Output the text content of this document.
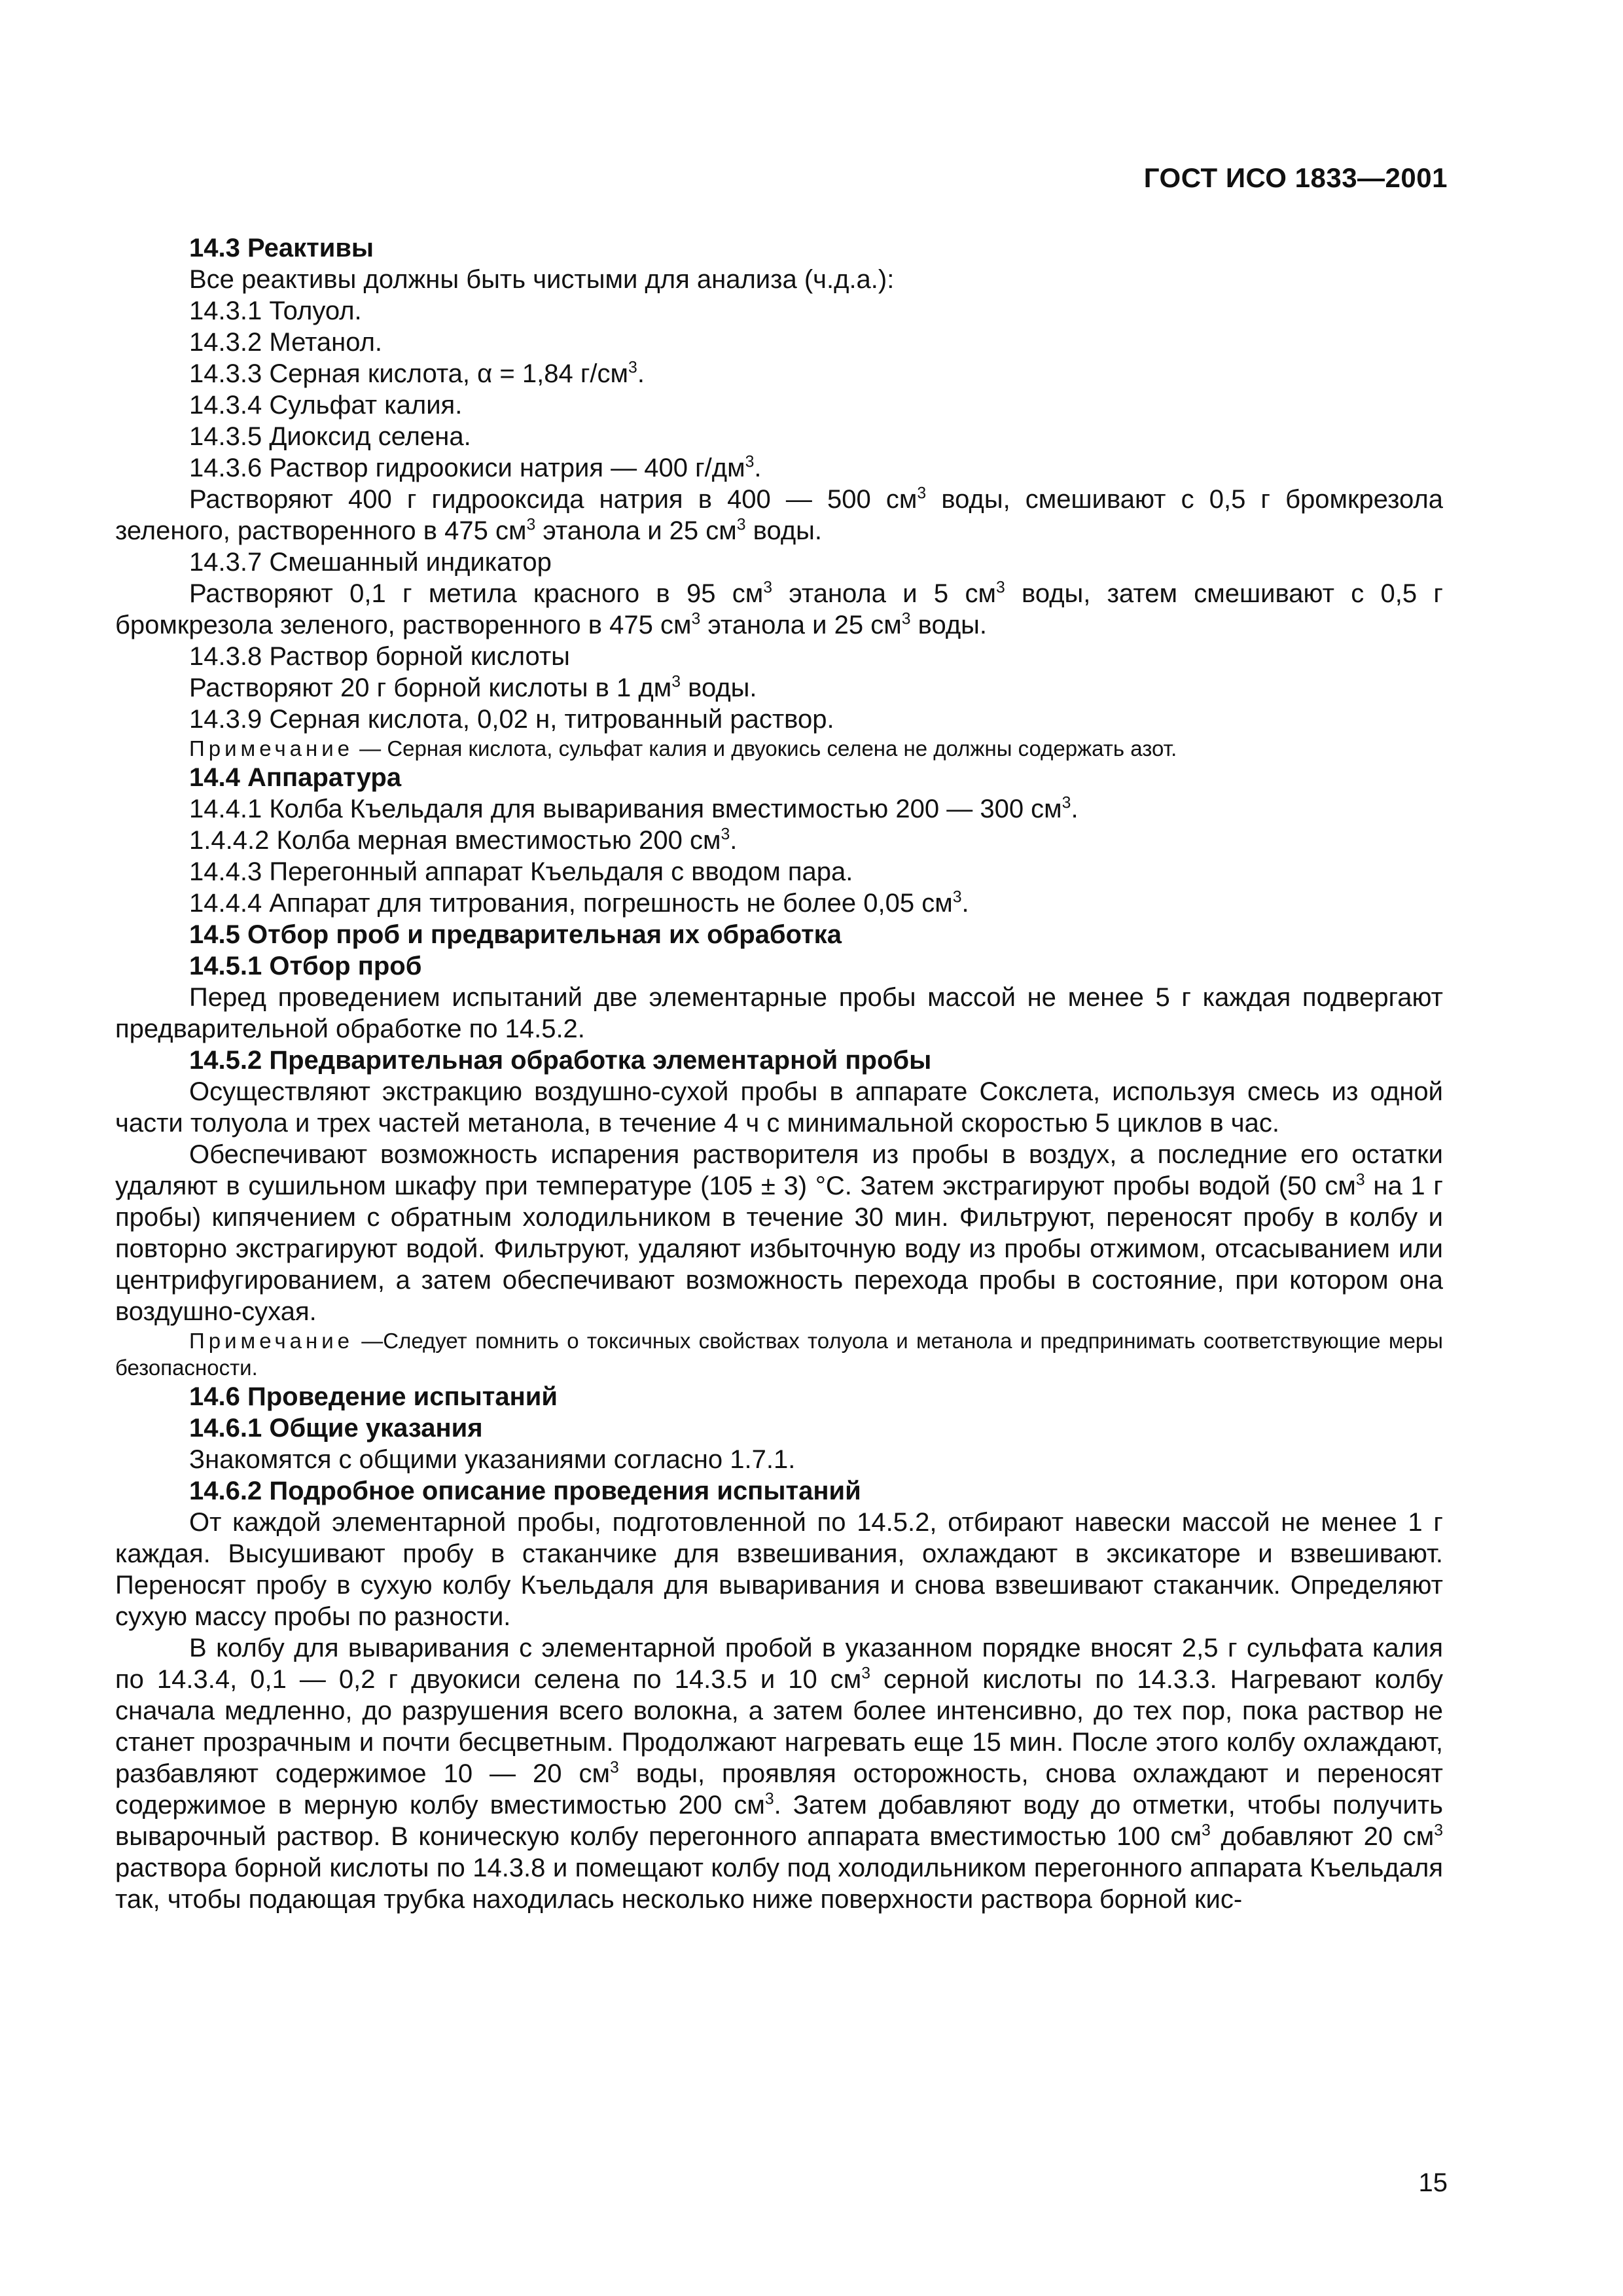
ГОСТ ИСО 1833—2001

14.3 Реактивы

Все реактивы должны быть чистыми для анализа (ч.д.а.):

14.3.1 Толуол.

14.3.2 Метанол.

14.3.3 Серная кислота, α = 1,84 $г/см^3$.

14.3.4 Сульфат калия.

14.3.5 Диоксид селена.

14.3.6 Раствор гидроокиси натрия — 400 $г/дм^3$.

Растворяют 400 г гидрооксида натрия в 400 — 500 $см^3$ воды, смешивают с 0,5 г бромкрезола зеленого, растворенного в 475 $см^3$ этанола и 25 $см^3$ воды.

14.3.7 Смешанный индикатор

Растворяют 0,1 г метила красного в 95 $см^3$ этанола и 5 $см^3$ воды, затем смешивают с 0,5 г бромкрезола зеленого, растворенного в 475 $см^3$ этанола и 25 $см^3$ воды.

14.3.8 Раствор борной кислоты

Растворяют 20 г борной кислоты в 1 $дм^3$ воды.

14.3.9 Серная кислота, 0,02 н, титрованный раствор.

Примечание — Серная кислота, сульфат калия и двуокись селена не должны содержать азот.

14.4 Аппаратура

14.4.1 Колба Къельдаля для вываривания вместимостью 200 — 300 $см^3$.

1.4.4.2 Колба мерная вместимостью 200 $см^3$.

14.4.3 Перегонный аппарат Къельдаля с вводом пара.

14.4.4 Аппарат для титрования, погрешность не более 0,05 $см^3$.

14.5 Отбор проб и предварительная их обработка

14.5.1 Отбор проб

Перед проведением испытаний две элементарные пробы массой не менее 5 г каждая подвергают предварительной обработке по 14.5.2.

14.5.2 Предварительная обработка элементарной пробы

Осуществляют экстракцию воздушно-сухой пробы в аппарате Сокслета, используя смесь из одной части толуола и трех частей метанола, в течение 4 ч с минимальной скоростью 5 циклов в час.

Обеспечивают возможность испарения растворителя из пробы в воздух, а последние его остатки удаляют в сушильном шкафу при температуре (105 ± 3) °С. Затем экстрагируют пробы водой (50 $см^3$ на 1 г пробы) кипячением с обратным холодильником в течение 30 мин. Фильтруют, переносят пробу в колбу и повторно экстрагируют водой. Фильтруют, удаляют избыточную воду из пробы отжимом, отсасыванием или центрифугированием, а затем обеспечивают возможность перехода пробы в состояние, при котором она воздушно-сухая.

Примечание —Следует помнить о токсичных свойствах толуола и метанола и предпринимать соответствующие меры безопасности.

14.6 Проведение испытаний

14.6.1 Общие указания

Знакомятся с общими указаниями согласно 1.7.1.

14.6.2 Подробное описание проведения испытаний

От каждой элементарной пробы, подготовленной по 14.5.2, отбирают навески массой не менее 1 г каждая. Высушивают пробу в стаканчике для взвешивания, охлаждают в эксикаторе и взвешивают. Переносят пробу в сухую колбу Къельдаля для вываривания и снова взвешивают стаканчик. Определяют сухую массу пробы по разности.

В колбу для вываривания с элементарной пробой в указанном порядке вносят 2,5 г сульфата калия по 14.3.4, 0,1 — 0,2 г двуокиси селена по 14.3.5 и 10 $см^3$ серной кислоты по 14.3.3. Нагревают колбу сначала медленно, до разрушения всего волокна, а затем более интенсивно, до тех пор, пока раствор не станет прозрачным и почти бесцветным. Продолжают нагревать еще 15 мин. После этого колбу охлаждают, разбавляют содержимое 10 — 20 $см^3$ воды, проявляя осторожность, снова охлаждают и переносят содержимое в мерную колбу вместимостью 200 $см^3$. Затем добавляют воду до отметки, чтобы получить выварочный раствор. В коническую колбу перегонного аппарата вместимостью 100 $см^3$ добавляют 20 $см^3$ раствора борной кислоты по 14.3.8 и помещают колбу под холодильником перегонного аппарата Къельдаля так, чтобы подающая трубка находилась несколько ниже поверхности раствора борной кис-

15
